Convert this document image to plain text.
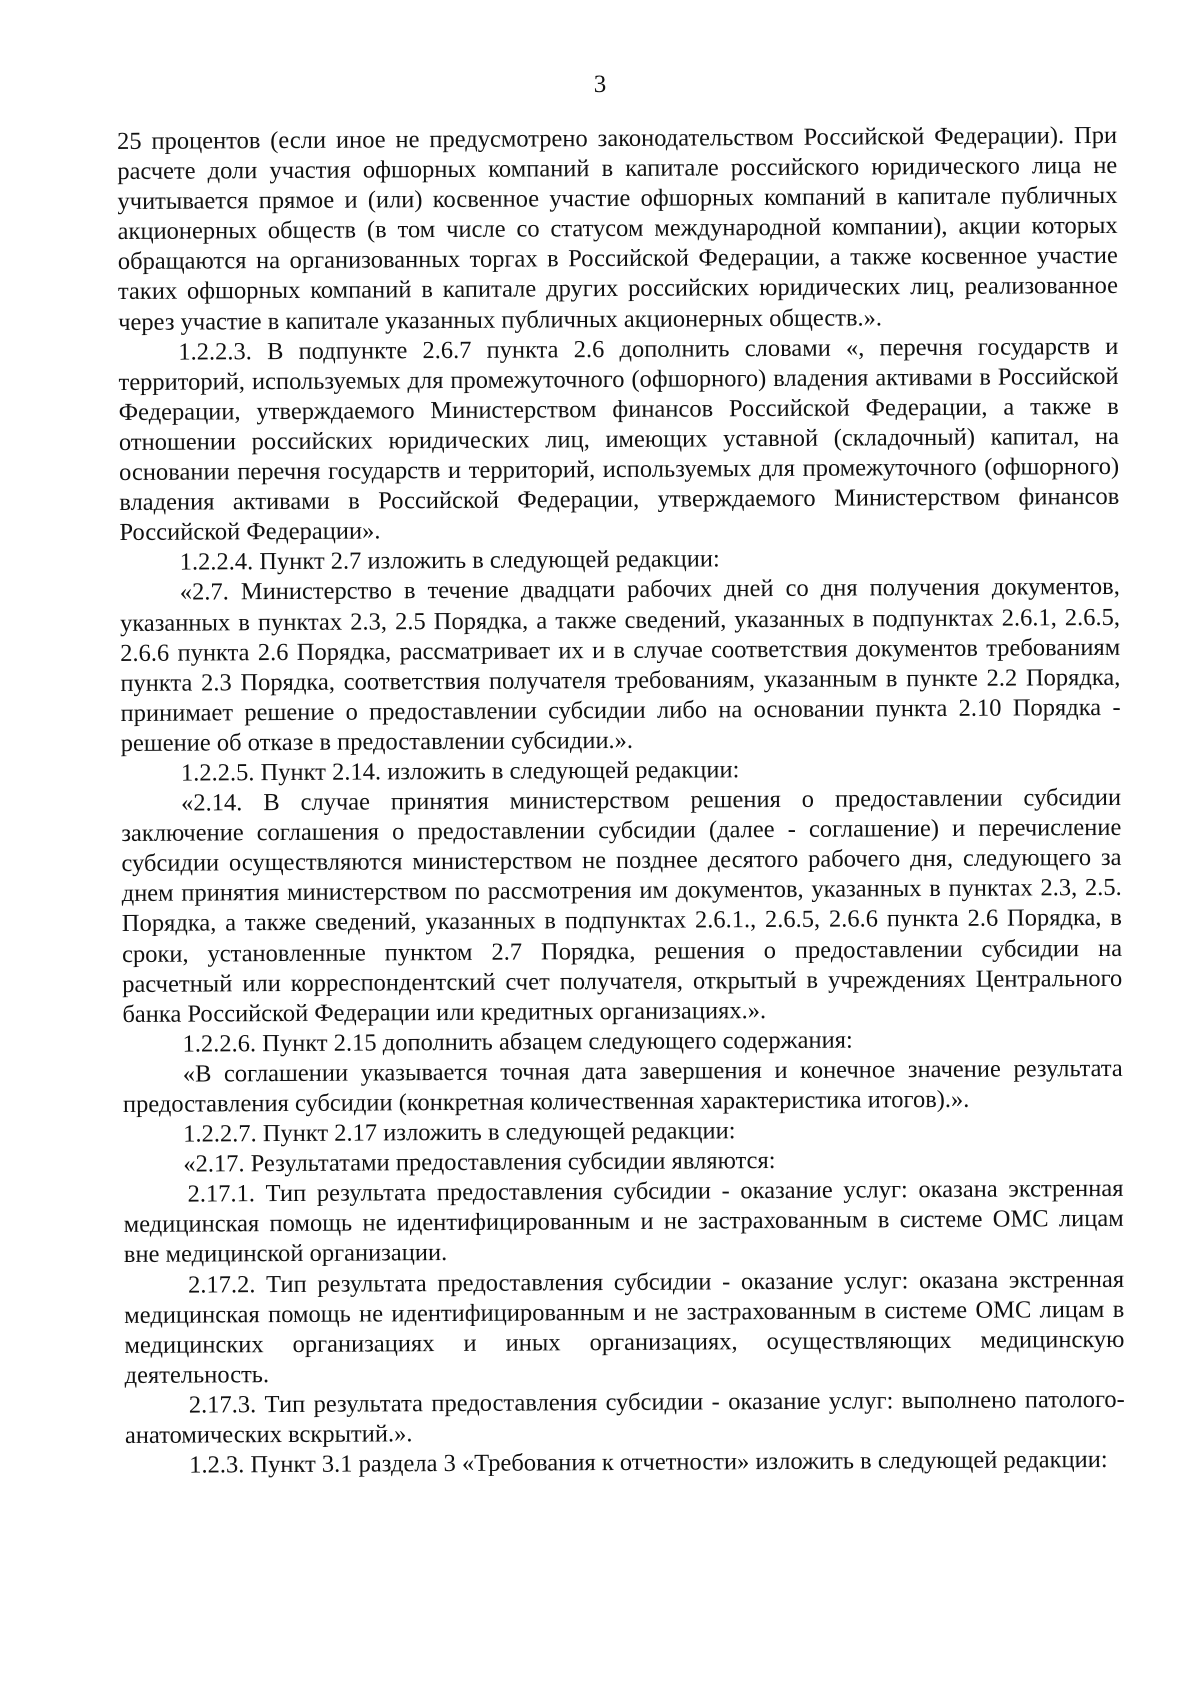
3

25 процентов (если иное не предусмотрено законодательством Российской Федерации). При расчете доли участия офшорных компаний в капитале российского юридического лица не учитывается прямое и (или) косвенное участие офшорных компаний в капитале публичных акционерных обществ (в том числе со статусом международной компании), акции которых обращаются на организованных торгах в Российской Федерации, а также косвенное участие таких офшорных компаний в капитале других российских юридических лиц, реализованное через участие в капитале указанных публичных акционерных обществ.».

1.2.2.3. В подпункте 2.6.7 пункта 2.6 дополнить словами «, перечня государств и территорий, используемых для промежуточного (офшорного) владения активами в Российской Федерации, утверждаемого Министерством финансов Российской Федерации, а также в отношении российских юридических лиц, имеющих уставной (складочный) капитал, на основании перечня государств и территорий, используемых для промежуточного (офшорного) владения активами в Российской Федерации, утверждаемого Министерством финансов Российской Федерации».

1.2.2.4. Пункт 2.7 изложить в следующей редакции:

«2.7. Министерство в течение двадцати рабочих дней со дня получения документов, указанных в пунктах 2.3, 2.5 Порядка, а также сведений, указанных в подпунктах 2.6.1, 2.6.5, 2.6.6 пункта 2.6 Порядка, рассматривает их и в случае соответствия документов требованиям пункта 2.3 Порядка, соответствия получателя требованиям, указанным в пункте 2.2 Порядка, принимает решение о предоставлении субсидии либо на основании пункта 2.10 Порядка - решение об отказе в предоставлении субсидии.».

1.2.2.5. Пункт 2.14. изложить в следующей редакции:

«2.14. В случае принятия министерством решения о предоставлении субсидии заключение соглашения о предоставлении субсидии (далее - соглашение) и перечисление субсидии осуществляются министерством не позднее десятого рабочего дня, следующего за днем принятия министерством по рассмотрения им документов, указанных в пунктах 2.3, 2.5. Порядка, а также сведений, указанных в подпунктах 2.6.1., 2.6.5, 2.6.6 пункта 2.6 Порядка, в сроки, установленные пунктом 2.7 Порядка, решения о предоставлении субсидии на расчетный или корреспондентский счет получателя, открытый в учреждениях Центрального банка Российской Федерации или кредитных организациях.».

1.2.2.6. Пункт 2.15 дополнить абзацем следующего содержания:

«В соглашении указывается точная дата завершения и конечное значение результата предоставления субсидии (конкретная количественная характеристика итогов).».

1.2.2.7. Пункт 2.17 изложить в следующей редакции:

«2.17. Результатами предоставления субсидии являются:

2.17.1. Тип результата предоставления субсидии - оказание услуг: оказана экстренная медицинская помощь не идентифицированным и не застрахованным в системе ОМС лицам вне медицинской организации.

2.17.2. Тип результата предоставления субсидии - оказание услуг: оказана экстренная медицинская помощь не идентифицированным и не застрахованным в системе ОМС лицам в медицинских организациях и иных организациях, осуществляющих медицинскую деятельность.

2.17.3. Тип результата предоставления субсидии - оказание услуг: выполнено патолого-анатомических вскрытий.».

1.2.3. Пункт 3.1 раздела 3 «Требования к отчетности» изложить в следующей редакции:
